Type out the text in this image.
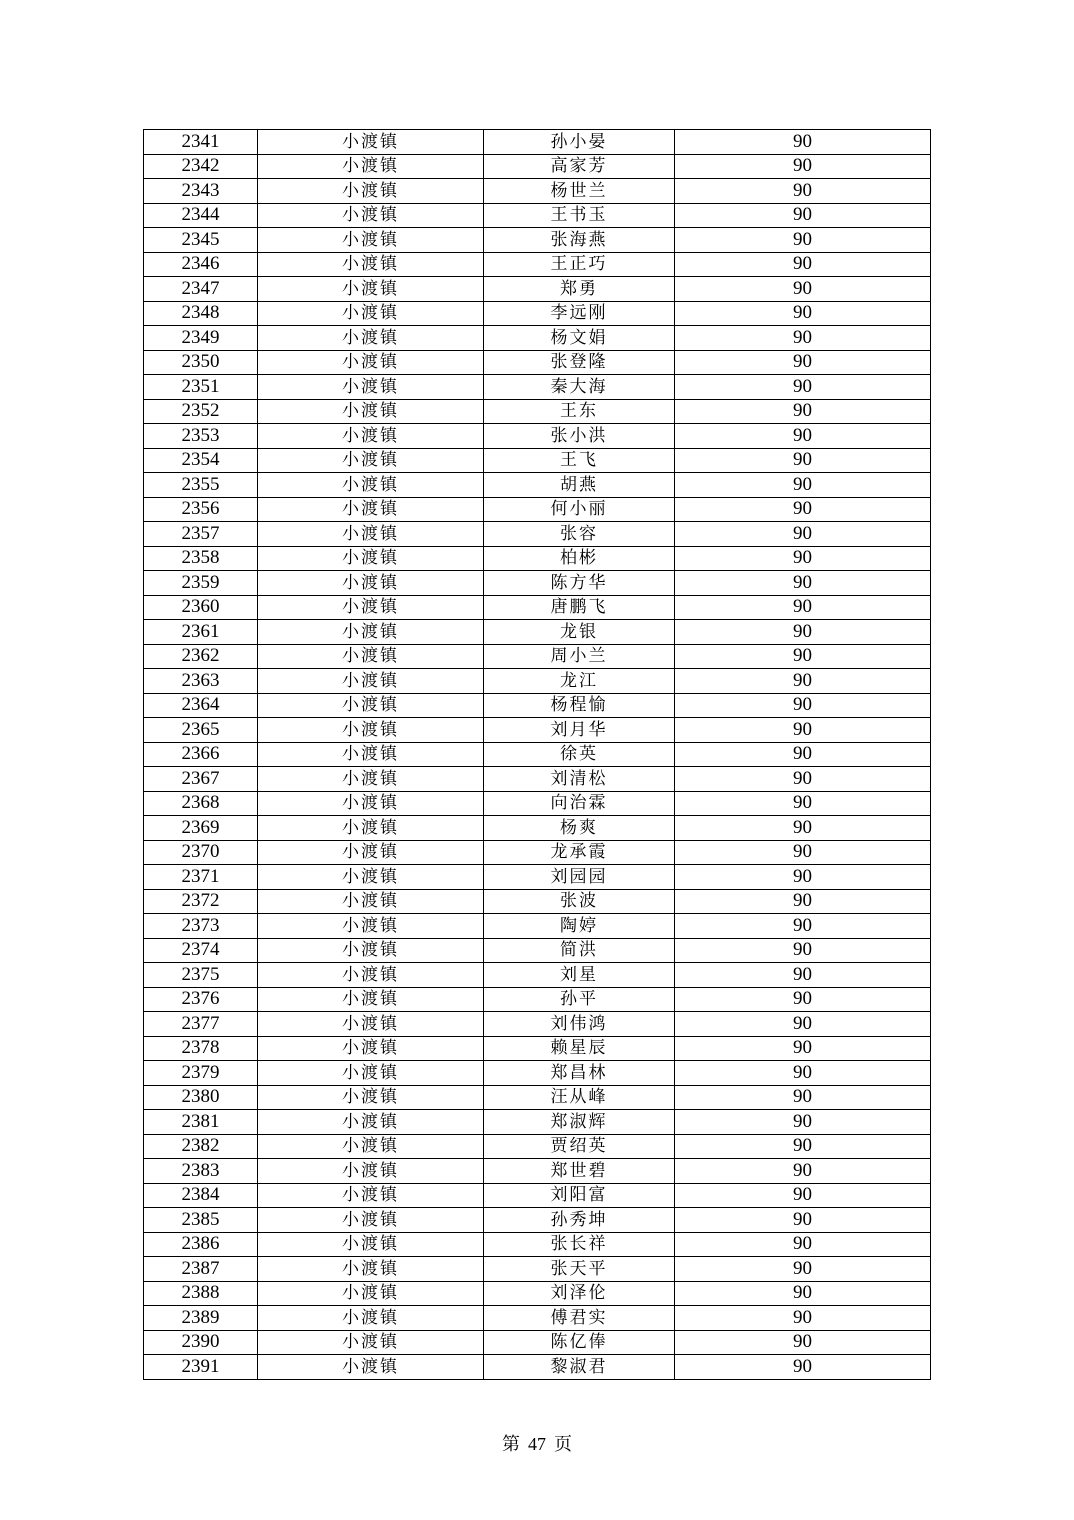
2341	小渡镇	孙小晏	90
2342	小渡镇	高家芳	90
2343	小渡镇	杨世兰	90
2344	小渡镇	王书玉	90
2345	小渡镇	张海燕	90
2346	小渡镇	王正巧	90
2347	小渡镇	郑勇	90
2348	小渡镇	李远刚	90
2349	小渡镇	杨文娟	90
2350	小渡镇	张登隆	90
2351	小渡镇	秦大海	90
2352	小渡镇	王东	90
2353	小渡镇	张小洪	90
2354	小渡镇	王飞	90
2355	小渡镇	胡燕	90
2356	小渡镇	何小丽	90
2357	小渡镇	张容	90
2358	小渡镇	柏彬	90
2359	小渡镇	陈方华	90
2360	小渡镇	唐鹏飞	90
2361	小渡镇	龙银	90
2362	小渡镇	周小兰	90
2363	小渡镇	龙江	90
2364	小渡镇	杨程愉	90
2365	小渡镇	刘月华	90
2366	小渡镇	徐英	90
2367	小渡镇	刘清松	90
2368	小渡镇	向治霖	90
2369	小渡镇	杨爽	90
2370	小渡镇	龙承霞	90
2371	小渡镇	刘园园	90
2372	小渡镇	张波	90
2373	小渡镇	陶婷	90
2374	小渡镇	简洪	90
2375	小渡镇	刘星	90
2376	小渡镇	孙平	90
2377	小渡镇	刘伟鸿	90
2378	小渡镇	赖星辰	90
2379	小渡镇	郑昌林	90
2380	小渡镇	汪从峰	90
2381	小渡镇	郑淑辉	90
2382	小渡镇	贾绍英	90
2383	小渡镇	郑世碧	90
2384	小渡镇	刘阳富	90
2385	小渡镇	孙秀坤	90
2386	小渡镇	张长祥	90
2387	小渡镇	张天平	90
2388	小渡镇	刘泽伦	90
2389	小渡镇	傅君实	90
2390	小渡镇	陈亿俸	90
2391	小渡镇	黎淑君	90
第 47 页
